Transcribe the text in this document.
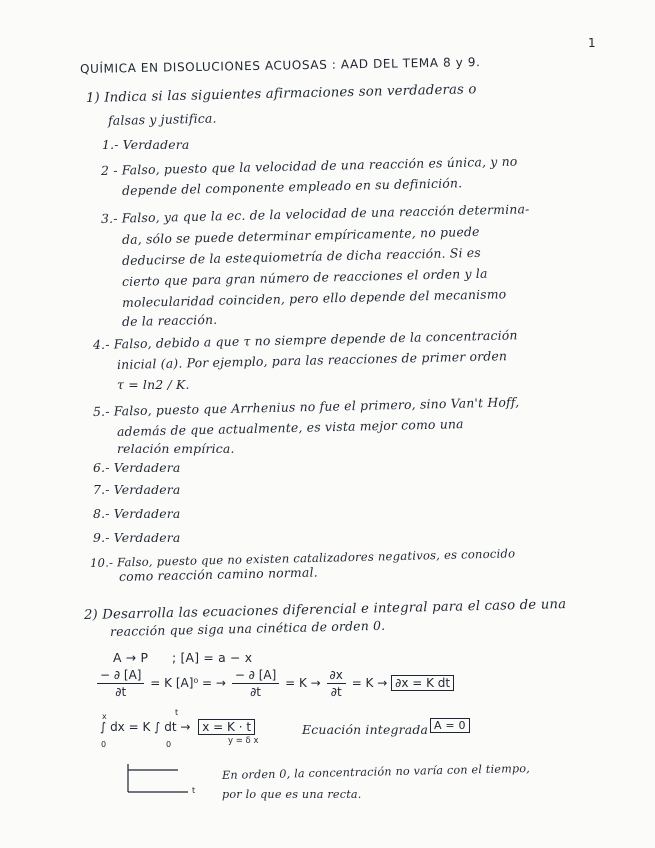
1
QUÍMICA EN DISOLUCIONES ACUOSAS : AAD DEL TEMA 8 y 9.
1) Indica si las siguientes afirmaciones son verdaderas o
falsas y justifica.
1.- Verdadera
2 - Falso, puesto que la velocidad de una reacción es única, y no
depende del componente empleado en su definición.
3.- Falso, ya que la ec. de la velocidad de una reacción determina-
da, sólo se puede determinar empíricamente, no puede
deducirse de la estequiometría de dicha reacción. Si es
cierto que para gran número de reacciones el orden y la
molecularidad coinciden, pero ello depende del mecanismo
de la reacción.
4.- Falso, debido a que τ no siempre depende de la concentración
inicial (a). Por ejemplo, para las reacciones de primer orden
τ = ln2 / K.
5.- Falso, puesto que Arrhenius no fue el primero, sino Van't Hoff,
además de que actualmente, es vista mejor como una
relación empírica.
6.- Verdadera
7.- Verdadera
8.- Verdadera
9.- Verdadera
10.- Falso, puesto que no existen catalizadores negativos, es conocido
como reacción camino normal.
2) Desarrolla las ecuaciones diferencial e integral para el caso de una
reacción que siga una cinética de orden 0.
A → P ; [A] = a − x
$\frac{- \partial [A]}{\partial t} = K$ [A]⁰ = → $\frac{- \partial [A]}{\partial t} = K \to \frac{\partial x}{\partial t} = K \to \partial x = K$ dt
∫ dx = K ∫ dt → x = K · t
x
0
t
0	y = δ x
Ecuación integrada A = 0
t
En orden 0, la concentración no varía con el tiempo,
por lo que es una recta.
